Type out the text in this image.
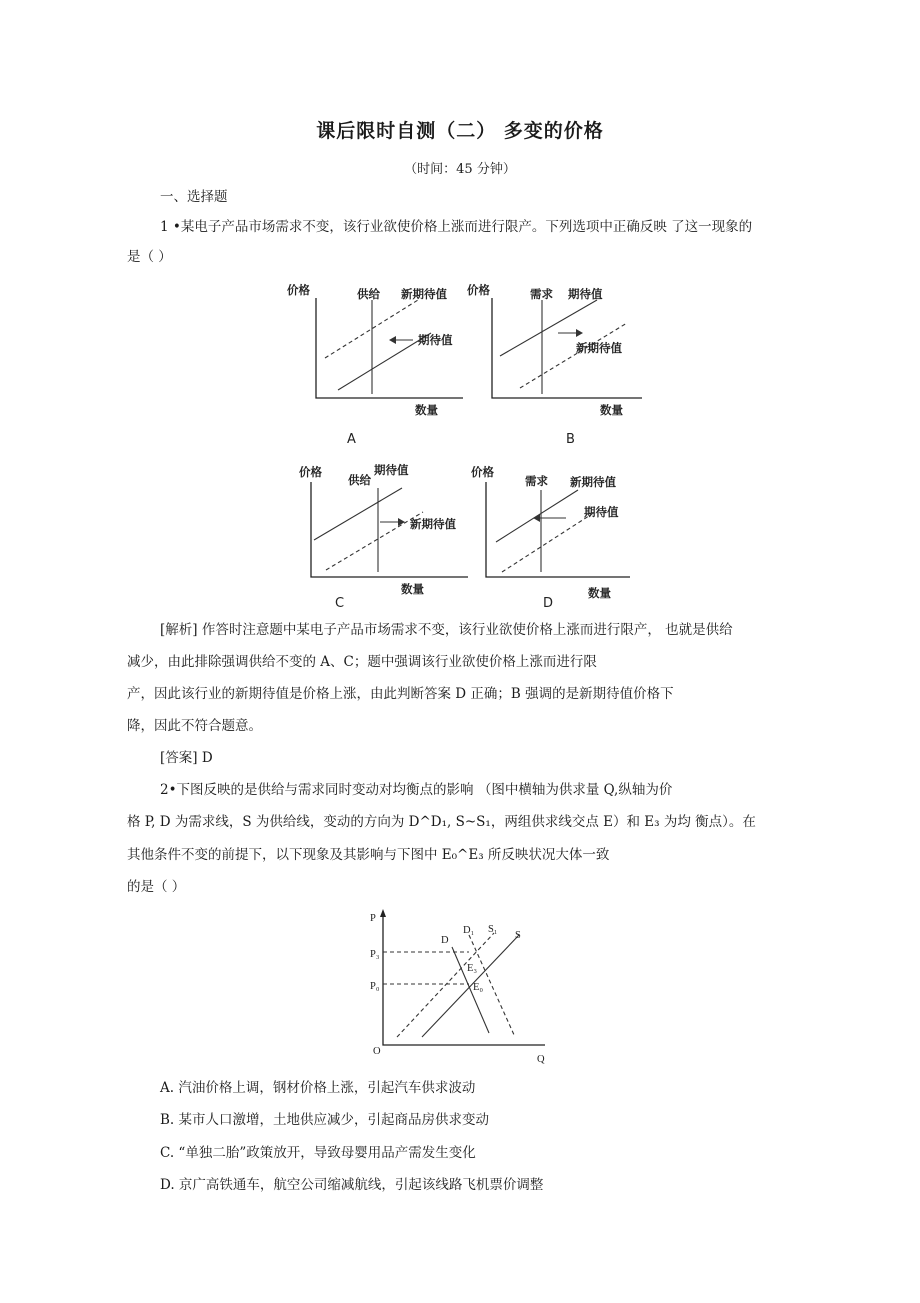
课后限时自测（二） 多变的价格
（时间：45 分钟）
一、选择题
1 •某电子产品市场需求不变，该行业欲使价格上涨而进行限产。下列选项中正确反映 了这一现象的
是（ ）
价格	供给 新期待值
期待值
数量
A
价格	需求 期待值
新期待值
数量
B
价格
供给
期待值
新期待值
数量
C
价格
需求 新期待值
期待值
数量
D
[解析] 作答时注意题中某电子产品市场需求不变，该行业欲使价格上涨而进行限产， 也就是供给
减少，由此排除强调供给不变的 A、C；题中强调该行业欲使价格上涨而进行限
产，因此该行业的新期待值是价格上涨，由此判断答案 D 正确；B 强调的是新期待值价格下
降，因此不符合题意。
[答案] D
2•下图反映的是供给与需求同时变动对均衡点的影响 （图中横轴为供求量 Q,纵轴为价
格 P, D 为需求线，S 为供给线，变动的方向为 D^D₁, S~S₁，两组供求线交点 E）和 E₃ 为均 衡点）。在
其他条件不变的前提下，以下现象及其影响与下图中 E₀^E₃ 所反映状况大体一致
的是（ ）
P
O
Q
P₃
P₀
D
D₁ S₁
S
E₃
E₀
A. 汽油价格上调，钢材价格上涨，引起汽车供求波动
B. 某市人口激增，土地供应减少，引起商品房供求变动
C. “单独二胎”政策放开，导致母婴用品产需发生变化
D. 京广高铁通车，航空公司缩减航线，引起该线路飞机票价调整
